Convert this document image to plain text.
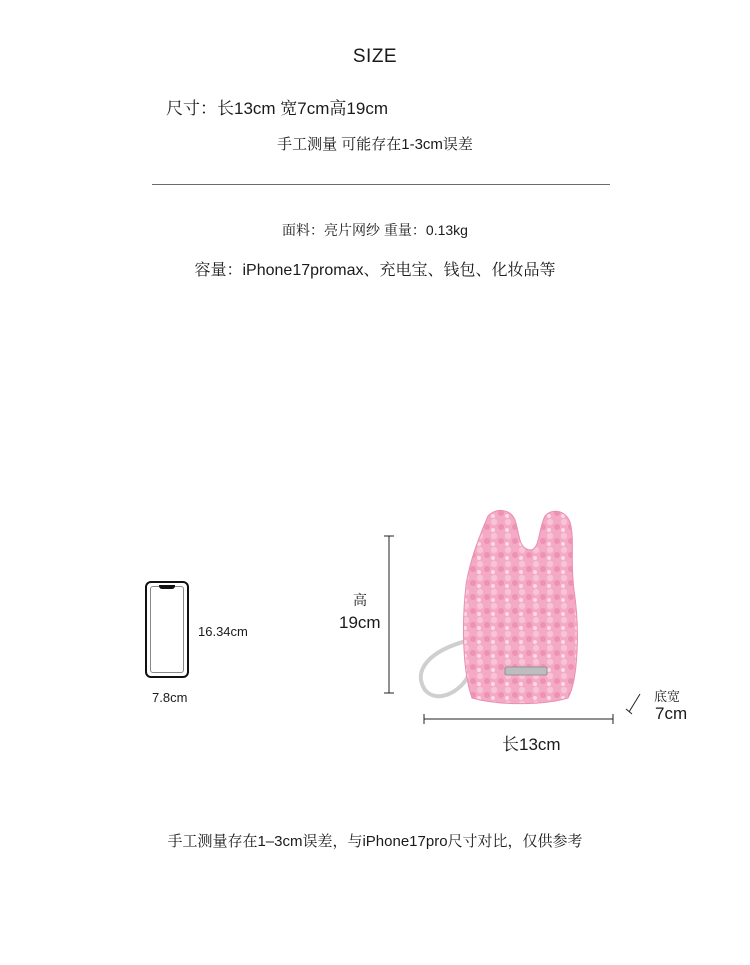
SIZE
尺寸：长13cm 宽7cm高19cm
手工测量 可能存在1-3cm误差
面料：亮片网纱 重量：0.13kg
容量：iPhone17promax、充电宝、钱包、化妆品等
16.34cm
7.8cm
高
19cm
长13cm
底宽
7cm
手工测量存在1–3cm误差，与iPhone17pro尺寸对比，仅供参考
